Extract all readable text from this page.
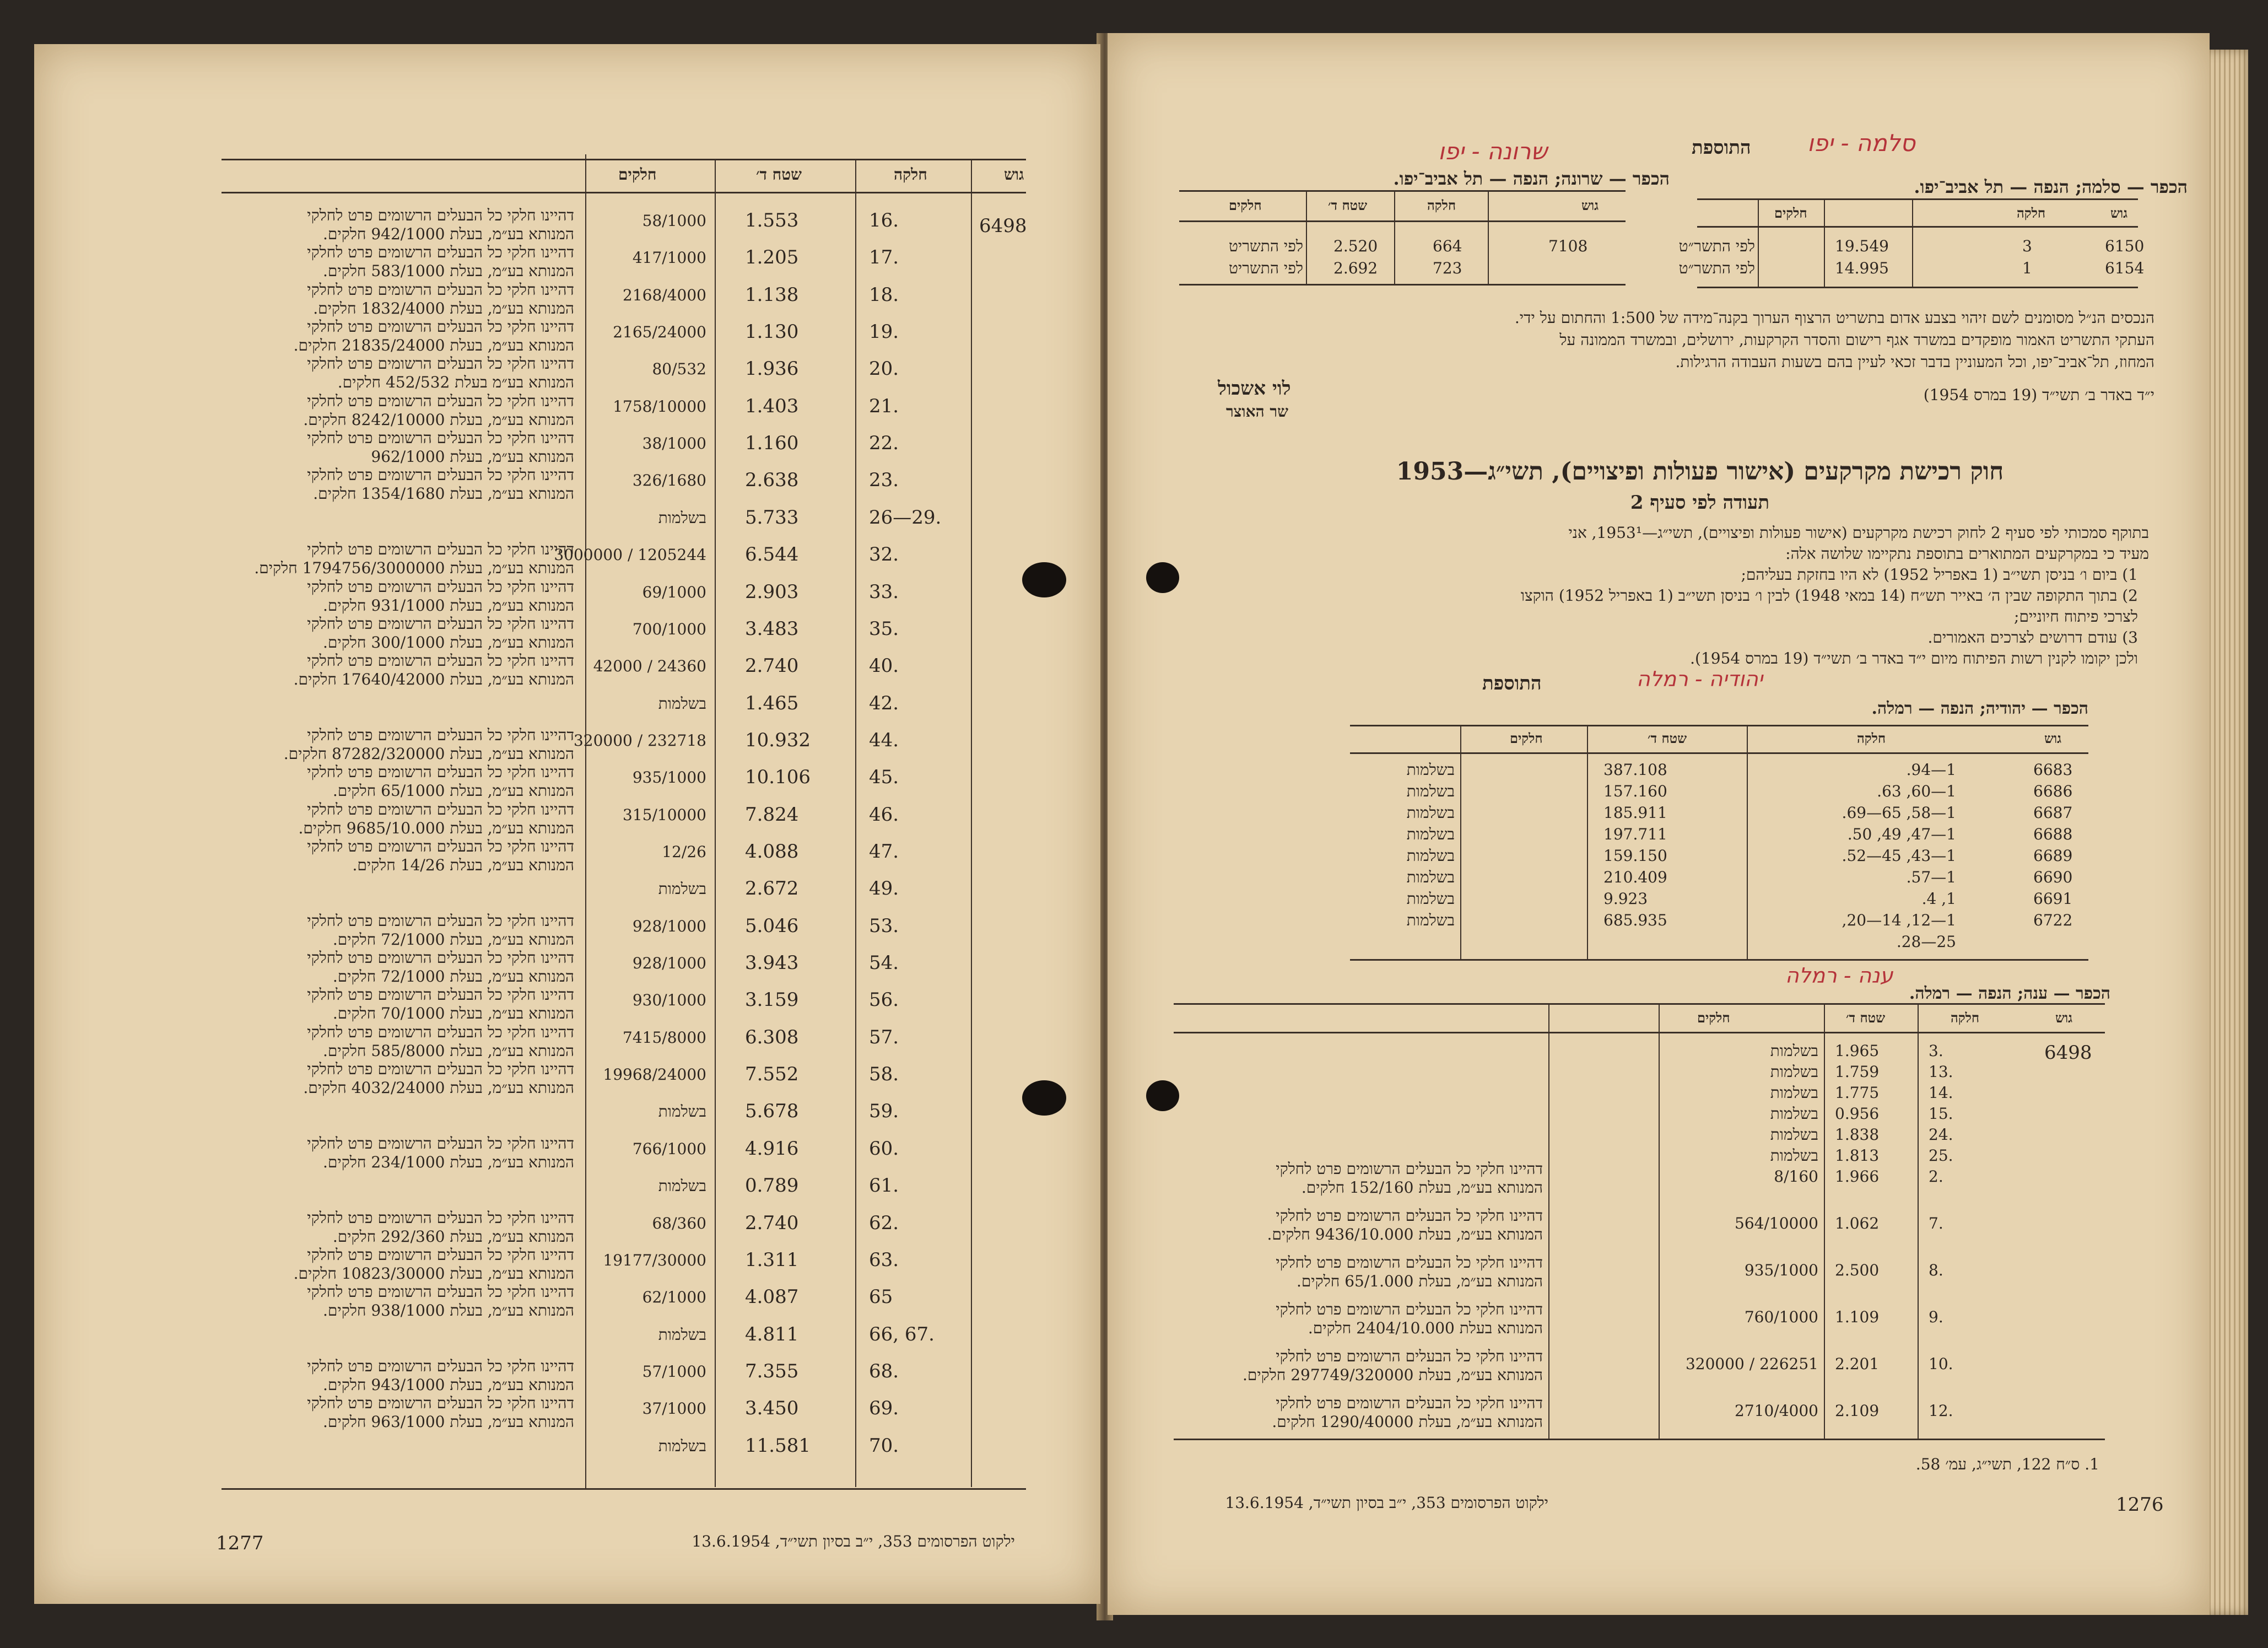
גוש
חלקה
שטח ד׳
חלקים
6498
16.
1.553
58/1000
דהיינו חלקי כל הבעלים הרשומים פרט לחלקי
המנותא בע״מ, בעלת 942/1000 חלקים.
17.
1.205
417/1000
דהיינו חלקי כל הבעלים הרשומים פרט לחלקי
המנותא בע״מ, בעלת 583/1000 חלקים.
18.
1.138
2168/4000
דהיינו חלקי כל הבעלים הרשומים פרט לחלקי
המנותא בע״מ, בעלת 1832/4000 חלקים.
19.
1.130
2165/24000
דהיינו חלקי כל הבעלים הרשומים פרט לחלקי
המנותא בע״מ, בעלת 21835/24000 חלקים.
20.
1.936
80/532
דהיינו חלקי כל הבעלים הרשומים פרט לחלקי
המנותא בע״מ בעלת 452/532 חלקים.
21.
1.403
1758/10000
דהיינו חלקי כל הבעלים הרשומים פרט לחלקי
המנותא בע״מ, בעלת 8242/10000 חלקים.
22.
1.160
38/1000
דהיינו חלקי כל הבעלים הרשומים פרט לחלקי
המנותא בע״מ, בעלת 962/1000
23.
2.638
326/1680
דהיינו חלקי כל הבעלים הרשומים פרט לחלקי
המנותא בע״מ, בעלת 1354/1680 חלקים.
26—29.
5.733
בשלמות
32.
6.544
1205244 / 3000000
דהיינו חלקי כל הבעלים הרשומים פרט לחלקי
המנותא בע״מ, בעלת 1794756/3000000 חלקים.
33.
2.903
69/1000
דהיינו חלקי כל הבעלים הרשומים פרט לחלקי
המנותא בע״מ, בעלת 931/1000 חלקים.
35.
3.483
700/1000
דהיינו חלקי כל הבעלים הרשומים פרט לחלקי
המנותא בע״מ, בעלת 300/1000 חלקים.
40.
2.740
24360 / 42000
דהיינו חלקי כל הבעלים הרשומים פרט לחלקי
המנותא בע״מ, בעלת 17640/42000 חלקים.
42.
1.465
בשלמות
44.
10.932
232718 / 320000
דהיינו חלקי כל הבעלים הרשומים פרט לחלקי
המנותא בע״מ, בעלת 87282/320000 חלקים.
45.
10.106
935/1000
דהיינו חלקי כל הבעלים הרשומים פרט לחלקי
המנותא בע״מ, בעלת 65/1000 חלקים.
46.
7.824
315/10000
דהיינו חלקי כל הבעלים הרשומים פרט לחלקי
המנותא בע״מ, בעלת 9685/10.000 חלקים.
47.
4.088
12/26
דהיינו חלקי כל הבעלים הרשומים פרט לחלקי
המנותא בע״מ, בעלת 14/26 חלקים.
49.
2.672
בשלמות
53.
5.046
928/1000
דהיינו חלקי כל הבעלים הרשומים פרט לחלקי
המנותא בע״מ, בעלת 72/1000 חלקים.
54.
3.943
928/1000
דהיינו חלקי כל הבעלים הרשומים פרט לחלקי
המנותא בע״מ, בעלת 72/1000 חלקים.
56.
3.159
930/1000
דהיינו חלקי כל הבעלים הרשומים פרט לחלקי
המנותא בע״מ, בעלת 70/1000 חלקים.
57.
6.308
7415/8000
דהיינו חלקי כל הבעלים הרשומים פרט לחלקי
המנותא בע״מ, בעלת 585/8000 חלקים.
58.
7.552
19968/24000
דהיינו חלקי כל הבעלים הרשומים פרט לחלקי
המנותא בע״מ, בעלת 4032/24000 חלקים.
59.
5.678
בשלמות
60.
4.916
766/1000
דהיינו חלקי כל הבעלים הרשומים פרט לחלקי
המנותא בע״מ, בעלת 234/1000 חלקים.
61.
0.789
בשלמות
62.
2.740
68/360
דהיינו חלקי כל הבעלים הרשומים פרט לחלקי
המנותא בע״מ, בעלת 292/360 חלקים.
63.
1.311
19177/30000
דהיינו חלקי כל הבעלים הרשומים פרט לחלקי
המנותא בע״מ, בעלת 10823/30000 חלקים.
65
4.087
62/1000
דהיינו חלקי כל הבעלים הרשומים פרט לחלקי
המנותא בע״מ, בעלת 938/1000 חלקים.
66, 67.
4.811
בשלמות
68.
7.355
57/1000
דהיינו חלקי כל הבעלים הרשומים פרט לחלקי
המנותא בע״מ, בעלת 943/1000 חלקים.
69.
3.450
37/1000
דהיינו חלקי כל הבעלים הרשומים פרט לחלקי
המנותא בע״מ, בעלת 963/1000 חלקים.
70.
11.581
בשלמות
1277	ילקוט הפרסומים 353, י״ב בסיון תשי״ד, 13.6.1954
התוספת סלמה - יפו
שרונה - יפו
הכפר — סלמה; הנפה — תל אביב־יפו.
הכפר — שרונה; הנפה — תל אביב־יפו.
גוש
חלקה
חלקים
6150
3
19.549
לפי התשר״ט
6154
1
14.995
לפי התשר״ט
גוש
חלקה
שטח ד׳
חלקים
7108
664
2.520
לפי התשריט
723
2.692
לפי התשריט
הנכסים הנ״ל מסומנים לשם זיהוי בצבע אדום בתשריט הרצוף הערוך בקנה־מידה של 1:500 והחתום על ידי.
העתקי התשריט האמור מופקדים במשרד אגף רישום והסדר הקרקעות, ירושלים, ובמשרד הממונה על
המחוז, תל־אביב־יפו, וכל המעוניין בדבר זכאי לעיין בהם בשעות העבודה הרגילות.
י״ד באדר ב׳ תשי״ד (19 במרס 1954)
לוי אשכול
שר האוצר
חוק רכישת מקרקעים (אישור פעולות ופיצויים), תשי״ג—1953
תעודה לפי סעיף 2
בתוקף סמכותי לפי סעיף 2 לחוק רכישת מקרקעים (אישור פעולות ופיצויים), תשי״ג—1953¹, אני
מעיד כי במקרקעים המתוארים בתוספת נתקיימו שלושה אלה:
1) ביום ו׳ בניסן תשי״ב (1 באפריל 1952) לא היו בחזקת בעליהם;
2) בתוך התקופה שבין ה׳ באייר תש״ח (14 במאי 1948) לבין ו׳ בניסן תשי״ב (1 באפריל 1952) הוקצו
לצרכי פיתוח חיוניים;
3) עודם דרושים לצרכים האמורים.
ולכן יקומו לקנין רשות הפיתוח מיום י״ד באדר ב׳ תשי״ד (19 במרס 1954).
התוספת	יהודיה - רמלה
הכפר — יהודיה; הנפה — רמלה.
גוש
חלקה
שטח ד׳
חלקים
6683
1—94.
387.108
בשלמות
6686
1—60, 63.
157.160
בשלמות
6687
1—58, 65—69.
185.911
בשלמות
6688
1—47, 49, 50.
197.711
בשלמות
6689
1—43, 45—52.
159.150
בשלמות
6690
1—57.
210.409
בשלמות
6691
1, 4.
9.923
בשלמות
6722
1—12, 14—20,
685.935
בשלמות
25—28.
ענה - רמלה
הכפר — ענה; הנפה — רמלה.
גוש
חלקה
שטח ד׳
חלקים
6498
3.
1.965
בשלמות
13.
1.759
בשלמות
14.
1.775
בשלמות
15.
0.956
בשלמות
24.
1.838
בשלמות
25.
1.813
בשלמות
2.
1.966
8/160
דהיינו חלקי כל הבעלים הרשומים פרט לחלקי
המנותא בע״מ, בעלת 152/160 חלקים.
7.
1.062
564/10000
דהיינו חלקי כל הבעלים הרשומים פרט לחלקי
המנותא בע״מ, בעלת 9436/10.000 חלקים.
8.
2.500
935/1000
דהיינו חלקי כל הבעלים הרשומים פרט לחלקי
המנותא בע״מ, בעלת 65/1.000 חלקים.
9.
1.109
760/1000
דהיינו חלקי כל הבעלים הרשומים פרט לחלקי
המנותא בעלת 2404/10.000 חלקים.
10.
2.201
226251 / 320000
דהיינו חלקי כל הבעלים הרשומים פרט לחלקי
המנותא בע״מ, בעלת 297749/320000 חלקים.
12.
2.109
2710/4000
דהיינו חלקי כל הבעלים הרשומים פרט לחלקי
המנותא בע״מ, בעלת 1290/40000 חלקים.
1. ס״ח 122, תשי״ג, עמ׳ 58.
1276
ילקוט הפרסומים 353, י״ב בסיון תשי״ד, 13.6.1954
